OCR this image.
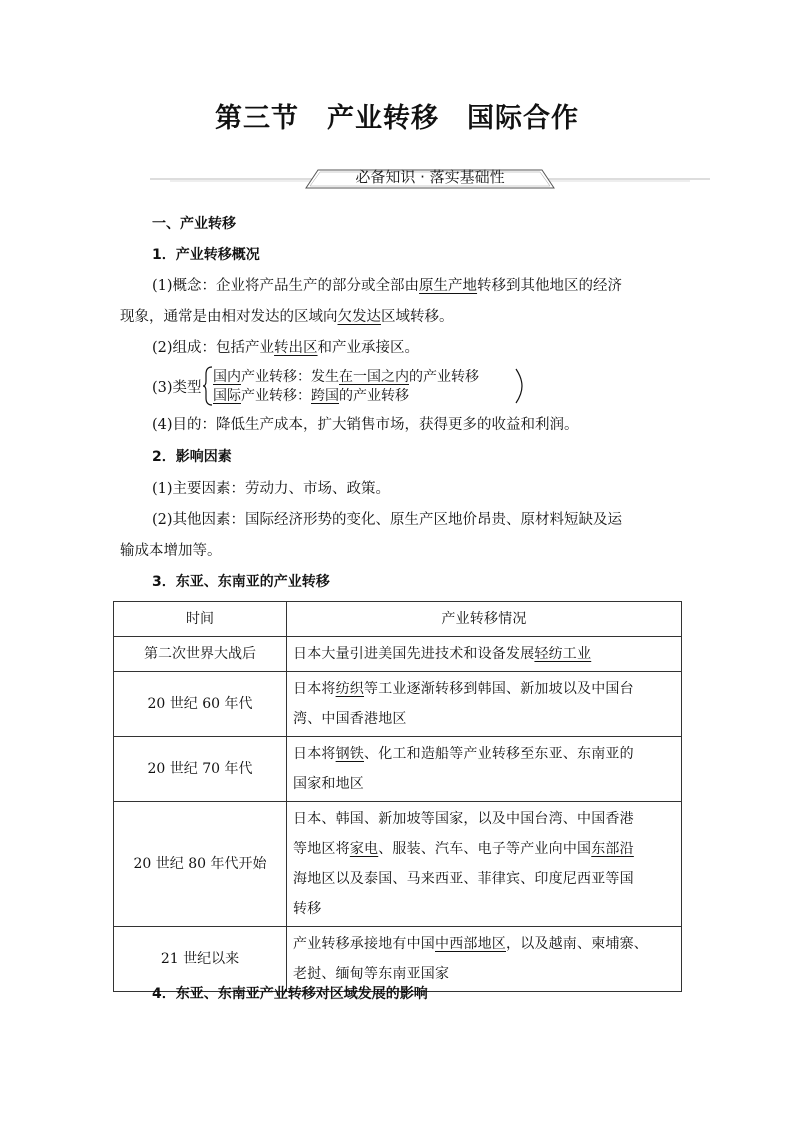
第三节 产业转移 国际合作
必备知识 · 落实基础性
一、产业转移
1．产业转移概况
(1)概念：企业将产品生产的部分或全部由原生产地转移到其他地区的经济
现象，通常是由相对发达的区域向欠发达区域转移。
(2)组成：包括产业转出区和产业承接区。
(3)类型
国内产业转移：发生在一国之内的产业转移
国际产业转移：跨国的产业转移
(4)目的：降低生产成本，扩大销售市场，获得更多的收益和利润。
2．影响因素
(1)主要因素：劳动力、市场、政策。
(2)其他因素：国际经济形势的变化、原生产区地价昂贵、原材料短缺及运
输成本增加等。
3．东亚、东南亚的产业转移
时间	产业转移情况
第二次世界大战后	日本大量引进美国先进技术和设备发展轻纺工业
20 世纪 60 年代	日本将纺织等工业逐渐转移到韩国、新加坡以及中国台
湾、中国香港地区
20 世纪 70 年代	日本将钢铁、化工和造船等产业转移至东亚、东南亚的
国家和地区
20 世纪 80 年代开始	日本、韩国、新加坡等国家，以及中国台湾、中国香港
等地区将家电、服装、汽车、电子等产业向中国东部沿
海地区以及泰国、马来西亚、菲律宾、印度尼西亚等国
转移
21 世纪以来	产业转移承接地有中国中西部地区，以及越南、柬埔寨、
老挝、缅甸等东南亚国家
4．东亚、东南亚产业转移对区域发展的影响
